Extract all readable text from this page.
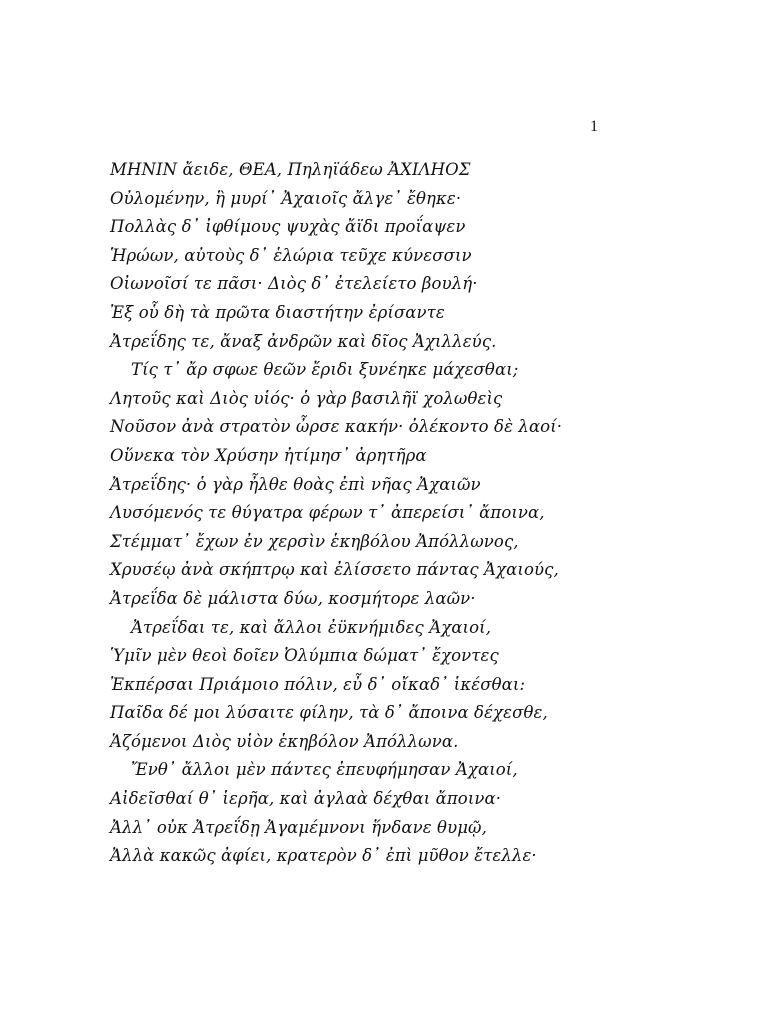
1
ΜΗΝΙΝ ἄειδε, ΘΕΑ, Πηληϊάδεω ἈΧΙΛΗΟΣ
Οὐλομένην, ἣ μυρί᾽ Ἀχαιοῖς ἄλγε᾽ ἔθηκε·
Πολλὰς δ᾽ ἰφθίμους ψυχὰς ἄϊδι προΐαψεν
Ἡρώων, αὐτοὺς δ᾽ ἑλώρια τεῦχε κύνεσσιν
Οἰωνοῖσί τε πᾶσι· Διὸς δ᾽ ἐτελείετο βουλή·
Ἐξ οὗ δὴ τὰ πρῶτα διαστήτην ἐρίσαντε
Ἀτρεΐδης τε, ἄναξ ἀνδρῶν καὶ δῖος Ἀχιλλεύς.
Τίς τ᾽ ἄρ σφωε θεῶν ἔριδι ξυνέηκε μάχεσθαι;
Λητοῦς καὶ Διὸς υἱός· ὁ γὰρ βασιλῆϊ χολωθεὶς
Νοῦσον ἀνὰ στρατὸν ὦρσε κακήν· ὀλέκοντο δὲ λαοί·
Οὕνεκα τὸν Χρύσην ἠτίμησ᾽ ἀρητῆρα
Ἀτρεΐδης· ὁ γὰρ ἦλθε θοὰς ἐπὶ νῆας Ἀχαιῶν
Λυσόμενός τε θύγατρα φέρων τ᾽ ἀπερείσι᾽ ἄποινα,
Στέμματ᾽ ἔχων ἐν χερσὶν ἑκηβόλου Ἀπόλλωνος,
Χρυσέῳ ἀνὰ σκήπτρῳ καὶ ἐλίσσετο πάντας Ἀχαιούς,
Ἀτρεΐδα δὲ μάλιστα δύω, κοσμήτορε λαῶν·
Ἀτρεΐδαι τε, καὶ ἄλλοι ἐϋκνήμιδες Ἀχαιοί,
Ὑμῖν μὲν θεοὶ δοῖεν Ὀλύμπια δώματ᾽ ἔχοντες
Ἐκπέρσαι Πριάμοιο πόλιν, εὖ δ᾽ οἴκαδ᾽ ἱκέσθαι:
Παῖδα δέ μοι λύσαιτε φίλην, τὰ δ᾽ ἄποινα δέχεσθε,
Ἁζόμενοι Διὸς υἱὸν ἑκηβόλον Ἀπόλλωνα.
Ἔνθ᾽ ἄλλοι μὲν πάντες ἐπευφήμησαν Ἀχαιοί,
Αἰδεῖσθαί θ᾽ ἱερῆα, καὶ ἀγλαὰ δέχθαι ἄποινα·
Ἀλλ᾽ οὐκ Ἀτρεΐδῃ Ἀγαμέμνονι ἥνδανε θυμῷ,
Ἀλλὰ κακῶς ἀφίει, κρατερὸν δ᾽ ἐπὶ μῦθον ἔτελλε·
